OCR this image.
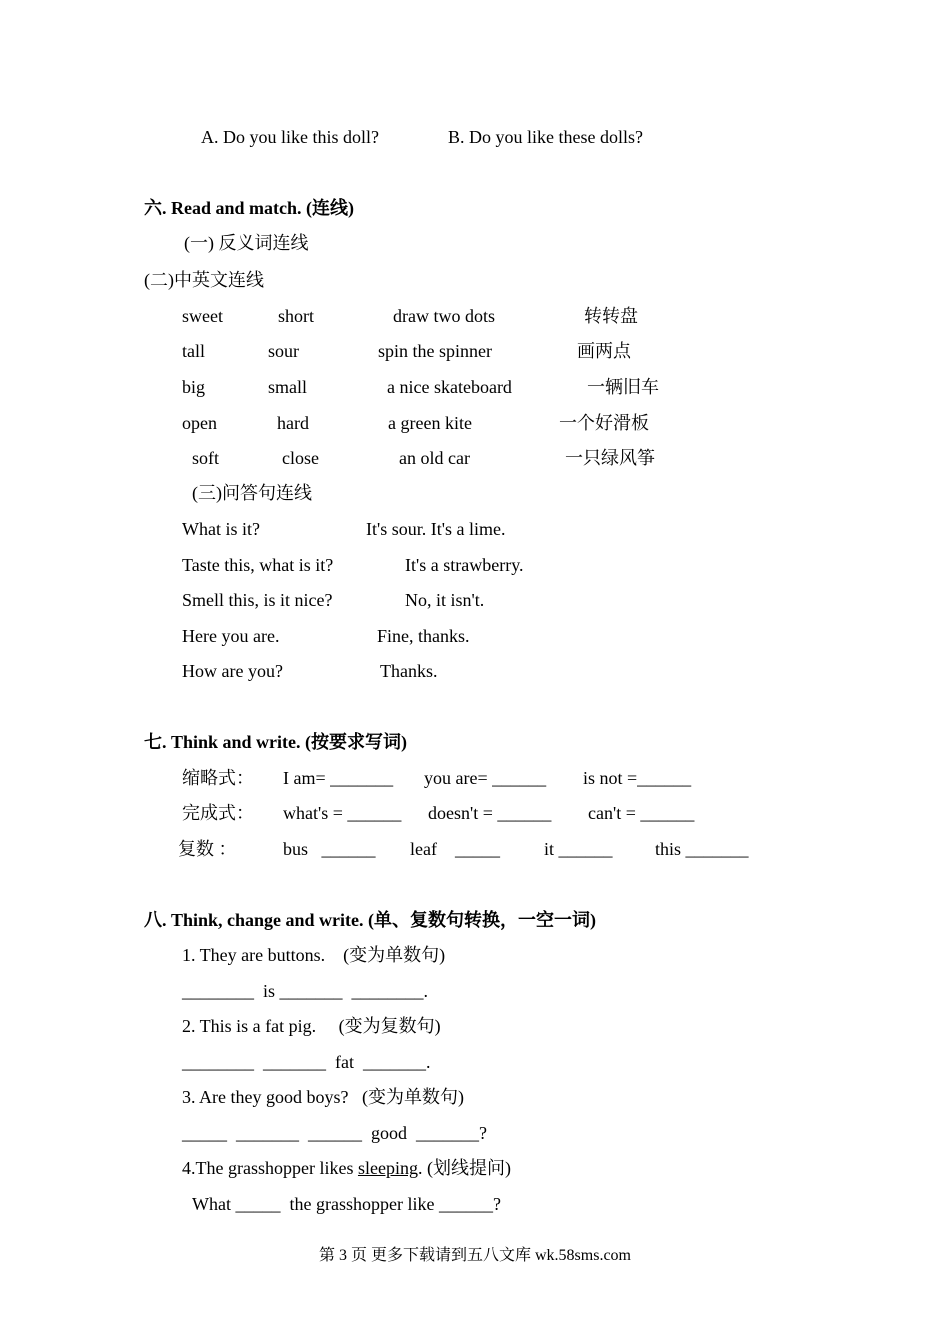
A. Do you like this doll?	B. Do you like these dolls?
六. Read and match. (连线)
(一) 反义词连线
(二)中英文连线
sweet	short	draw two dots	转转盘
tall	sour	spin the spinner	画两点
big	small	a nice skateboard	一辆旧车
open	hard	a green kite	一个好滑板
soft	close	an old car	一只绿风筝
(三)问答句连线
What is it?	It's sour. It's a lime.
Taste this, what is it?	It's a strawberry.
Smell this, is it nice?	No, it isn't.
Here you are.	Fine, thanks.
How are you?	Thanks.
七. Think and write. (按要求写词)
缩略式： I am= _______ you are= ______ is not =______
完成式： what's = ______ doesn't = ______ can't = ______
复数 ：	bus   ______ leaf    _____ it ______ this _______
八. Think, change and write. (单、复数句转换，一空一词)
1. They are buttons.    (变为单数句)
________  is _______  ________.
2. This is a fat pig.     (变为复数句)
________  _______  fat  _______.
3. Are they good boys?   (变为单数句)
_____  _______  ______  good  _______?
4.The grasshopper likes sleeping. (划线提问)
What _____  the grasshopper like ______?
第 3 页 更多下载请到五八文库 wk.58sms.com
